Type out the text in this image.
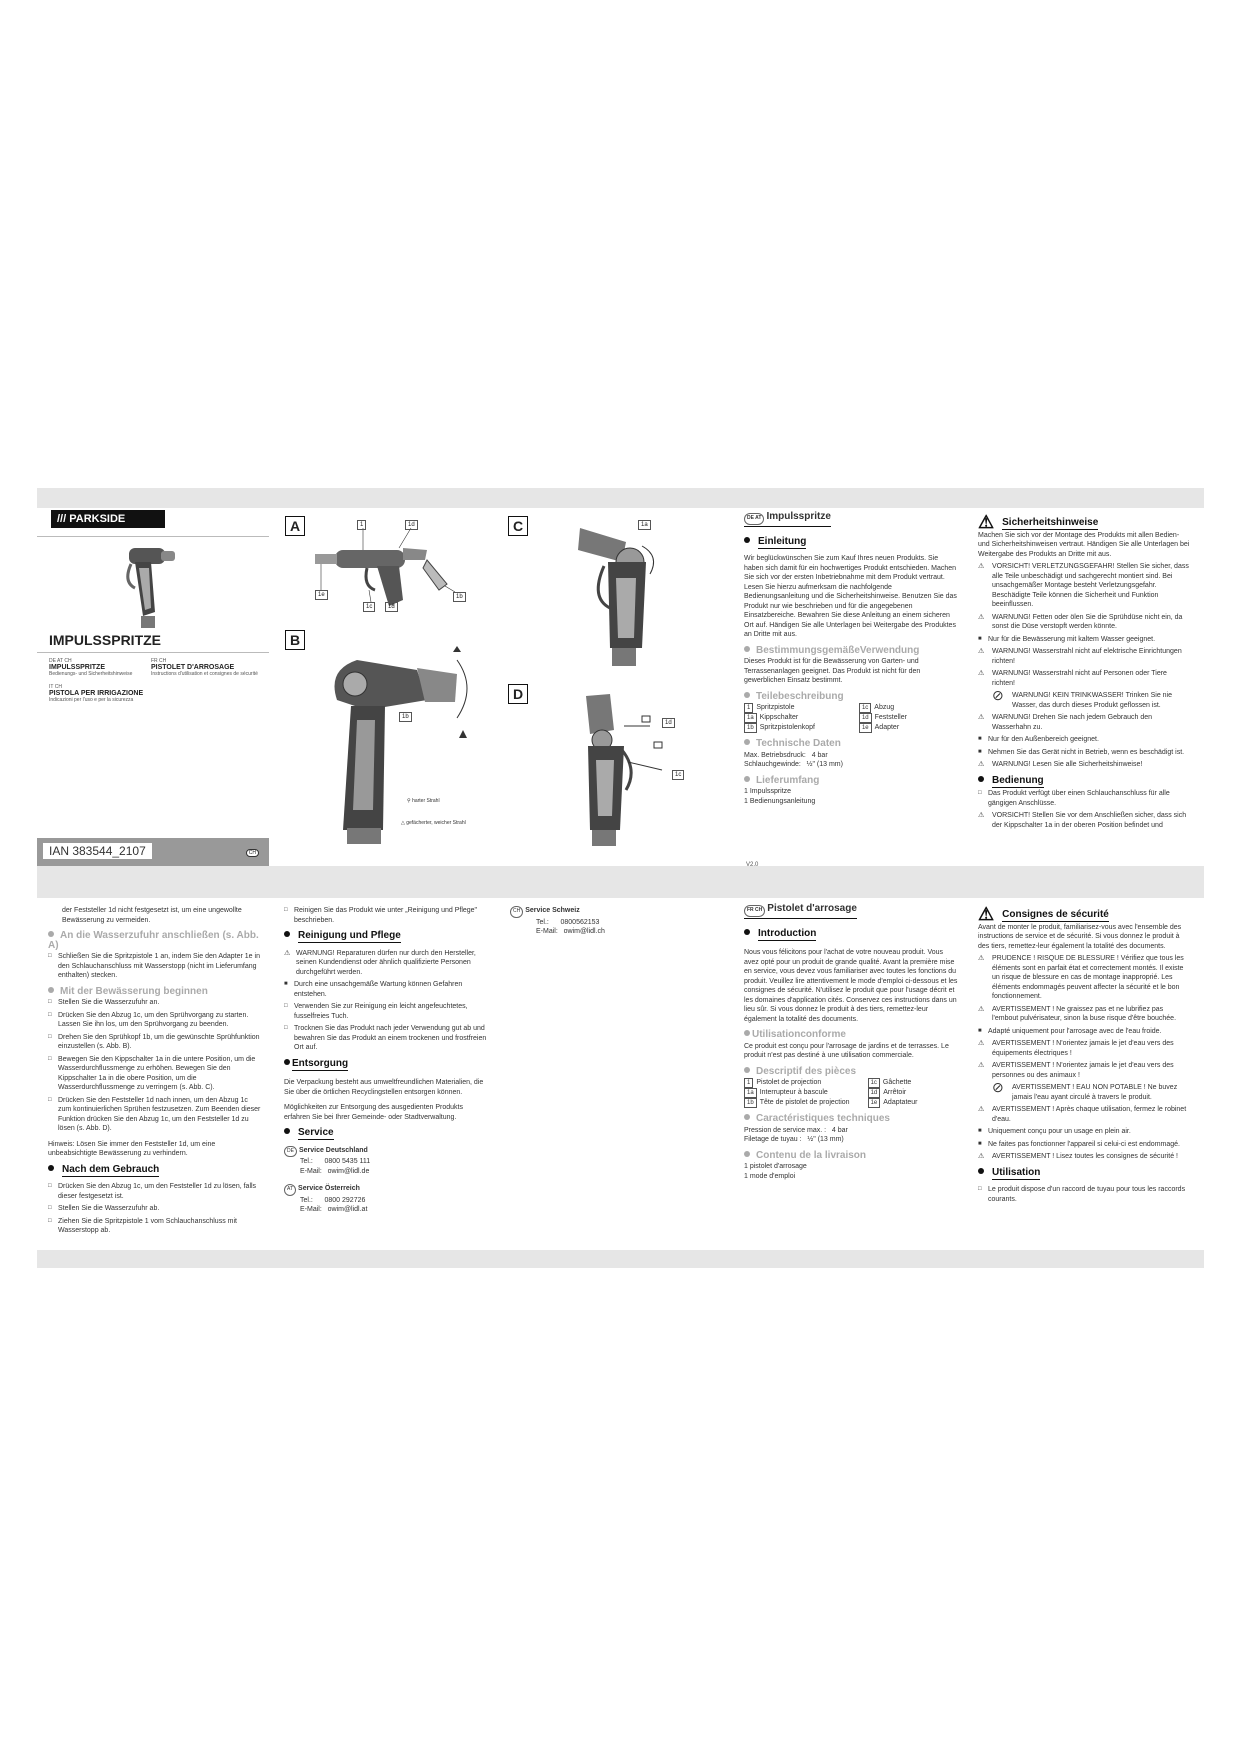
/// PARKSIDE
IMPULSSPRITZE
DE AT CH
IMPULSSPRITZE
Bedienungs- und Sicherheitshinweise
FR CH
PISTOLET D'ARROSAGE
Instructions d'utilisation et consignes de sécurité
IT CH
PISTOLA PER IRRIGAZIONE
Indicazioni per l'uso e per la sicurezza
IAN 383544_2107	CH
A	1	1d
1e
1c	1d
1b
B
1b
⚲ harter Strahl
△ gefächerter, weicher Strahl
C	1a
D
1d
1c
DE AT Impulsspritze
Einleitung

Wir beglückwünschen Sie zum Kauf Ihres neuen Produkts. Sie haben sich damit für ein hochwertiges Produkt entschieden. Machen Sie sich vor der ersten Inbetriebnahme mit dem Produkt vertraut. Lesen Sie hierzu aufmerksam die nachfolgende Bedienungsanleitung und die Sicherheitshinweise. Benutzen Sie das Produkt nur wie beschrieben und für die angegebenen Einsatzbereiche. Bewahren Sie diese Anleitung an einem sicheren Ort auf. Händigen Sie alle Unterlagen bei Weitergabe des Produktes an Dritte mit aus.

BestimmungsgemäßeVerwendung

Dieses Produkt ist für die Bewässerung von Garten- und Terrassenanlagen geeignet. Das Produkt ist nicht für den gewerblichen Einsatz bestimmt.

Teilebeschreibung
1 Spritzpistole	1c Abzug
1a Kippschalter	1d Feststeller
1b Spritzpistolenkopf	1e Adapter
Technische Daten

Max. Betriebsdruck:   4 bar

Schlauchgewinde:   ½" (13 mm)

Lieferumfang

1 Impulsspritze

1 Bedienungsanleitung

V2.0
⚠ Sicherheitshinweise

Machen Sie sich vor der Montage des Produkts mit allen Bedien- und Sicherheitshinweisen vertraut. Händigen Sie alle Unterlagen bei Weitergabe des Produkts an Dritte mit aus.

⚠ VORSICHT! VERLETZUNGSGEFAHR! Stellen Sie sicher, dass alle Teile unbeschädigt und sachgerecht montiert sind. Bei unsachgemäßer Montage besteht Verletzungsgefahr. Beschädigte Teile können die Sicherheit und Funktion beeinflussen.

⚠ WARNUNG! Fetten oder ölen Sie die Sprühdüse nicht ein, da sonst die Düse verstopft werden könnte.

■ Nur für die Bewässerung mit kaltem Wasser geeignet.

⚠ WARNUNG! Wasserstrahl nicht auf elektrische Einrichtungen richten!

⚠ WARNUNG! Wasserstrahl nicht auf Personen oder Tiere richten!

⊘ WARNUNG! KEIN TRINKWASSER! Trinken Sie nie Wasser, das durch dieses Produkt geflossen ist.

⚠ WARNUNG! Drehen Sie nach jedem Gebrauch den Wasserhahn zu.

■ Nur für den Außenbereich geeignet.

■ Nehmen Sie das Gerät nicht in Betrieb, wenn es beschädigt ist.

⚠ WARNUNG! Lesen Sie alle Sicherheitshinweise!

Bedienung

□ Das Produkt verfügt über einen Schlauchanschluss für alle gängigen Anschlüsse.

⚠ VORSICHT! Stellen Sie vor dem Anschließen sicher, dass sich der Kippschalter 1a in der oberen Position befindet und

der Feststeller 1d nicht festgesetzt ist, um eine ungewollte Bewässerung zu vermeiden.

An die Wasserzufuhr anschließen (s. Abb. A)

□ Schließen Sie die Spritzpistole 1 an, indem Sie den Adapter 1e in den Schlauchanschluss mit Wasserstopp (nicht im Lieferumfang enthalten) stecken.

Mit der Bewässerung beginnen

□ Stellen Sie die Wasserzufuhr an.

□ Drücken Sie den Abzug 1c, um den Sprühvorgang zu starten. Lassen Sie ihn los, um den Sprühvorgang zu beenden.

□ Drehen Sie den Sprühkopf 1b, um die gewünschte Sprühfunktion einzustellen (s. Abb. B).

□ Bewegen Sie den Kippschalter 1a in die untere Position, um die Wasserdurchflussmenge zu erhöhen. Bewegen Sie den Kippschalter 1a in die obere Position, um die Wasserdurchflussmenge zu verringern (s. Abb. C).

□ Drücken Sie den Feststeller 1d nach innen, um den Abzug 1c zum kontinuierlichen Sprühen festzusetzen. Zum Beenden dieser Funktion drücken Sie den Abzug 1c, um den Feststeller 1d zu lösen (s. Abb. D).

Hinweis: Lösen Sie immer den Feststeller 1d, um eine unbeabsichtigte Bewässerung zu verhindern.

Nach dem Gebrauch

□ Drücken Sie den Abzug 1c, um den Feststeller 1d zu lösen, falls dieser festgesetzt ist.

□ Stellen Sie die Wasserzufuhr ab.

□ Ziehen Sie die Spritzpistole 1 vom Schlauchanschluss mit Wasserstopp ab.

□ Reinigen Sie das Produkt wie unter „Reinigung und Pflege" beschrieben.

Reinigung und Pflege

⚠ WARNUNG! Reparaturen dürfen nur durch den Hersteller, seinen Kundendienst oder ähnlich qualifizierte Personen durchgeführt werden.

■ Durch eine unsachgemäße Wartung können Gefahren entstehen.

□ Verwenden Sie zur Reinigung ein leicht angefeuchtetes, fusselfreies Tuch.

□ Trocknen Sie das Produkt nach jeder Verwendung gut ab und bewahren Sie das Produkt an einem trockenen und frostfreien Ort auf.

Entsorgung

Die Verpackung besteht aus umweltfreundlichen Materialien, die Sie über die örtlichen Recyclingstellen entsorgen können.

Möglichkeiten zur Entsorgung des ausgedienten Produkts erfahren Sie bei Ihrer Gemeinde- oder Stadtverwaltung.

Service
DE Service Deutschland
Tel.:      0800 5435 111
E-Mail:   owim@lidl.de
AT Service Österreich
Tel.:      0800 292726
E-Mail:   owim@lidl.at
CH Service Schweiz
Tel.:      0800562153
E-Mail:   owim@lidl.ch
FR CH Pistolet d'arrosage
Introduction

Nous vous félicitons pour l'achat de votre nouveau produit. Vous avez opté pour un produit de grande qualité. Avant la première mise en service, vous devez vous familiariser avec toutes les fonctions du produit. Veuillez lire attentivement le mode d'emploi ci-dessous et les consignes de sécurité. N'utilisez le produit que pour l'usage décrit et les domaines d'application cités. Conservez ces instructions dans un lieu sûr. Si vous donnez le produit à des tiers, remettez-leur également la totalité des documents.

Utilisationconforme

Ce produit est conçu pour l'arrosage de jardins et de terrasses. Le produit n'est pas destiné à une utilisation commerciale.

Descriptif des pièces
1 Pistolet de projection	1c Gâchette
1a Interrupteur à bascule	1d Arrêtoir
1b Tête de pistolet de projection	1e Adaptateur
Caractéristiques techniques

Pression de service max. :   4 bar

Filetage de tuyau :   ½" (13 mm)

Contenu de la livraison

1 pistolet d'arrosage

1 mode d'emploi

⚠ Consignes de sécurité

Avant de monter le produit, familiarisez-vous avec l'ensemble des instructions de service et de sécurité. Si vous donnez le produit à des tiers, remettez-leur également la totalité des documents.

⚠ PRUDENCE ! RISQUE DE BLESSURE ! Vérifiez que tous les éléments sont en parfait état et correctement montés. Il existe un risque de blessure en cas de montage inapproprié. Les éléments endommagés peuvent affecter la sécurité et le bon fonctionnement.

⚠ AVERTISSEMENT ! Ne graissez pas et ne lubrifiez pas l'embout pulvérisateur, sinon la buse risque d'être bouchée.

■ Adapté uniquement pour l'arrosage avec de l'eau froide.

⚠ AVERTISSEMENT ! N'orientez jamais le jet d'eau vers des équipements électriques !

⚠ AVERTISSEMENT ! N'orientez jamais le jet d'eau vers des personnes ou des animaux !

⊘ AVERTISSEMENT ! EAU NON POTABLE ! Ne buvez jamais l'eau ayant circulé à travers le produit.

⚠ AVERTISSEMENT ! Après chaque utilisation, fermez le robinet d'eau.

■ Uniquement conçu pour un usage en plein air.

■ Ne faites pas fonctionner l'appareil si celui-ci est endommagé.

⚠ AVERTISSEMENT ! Lisez toutes les consignes de sécurité !

Utilisation

□ Le produit dispose d'un raccord de tuyau pour tous les raccords courants.
